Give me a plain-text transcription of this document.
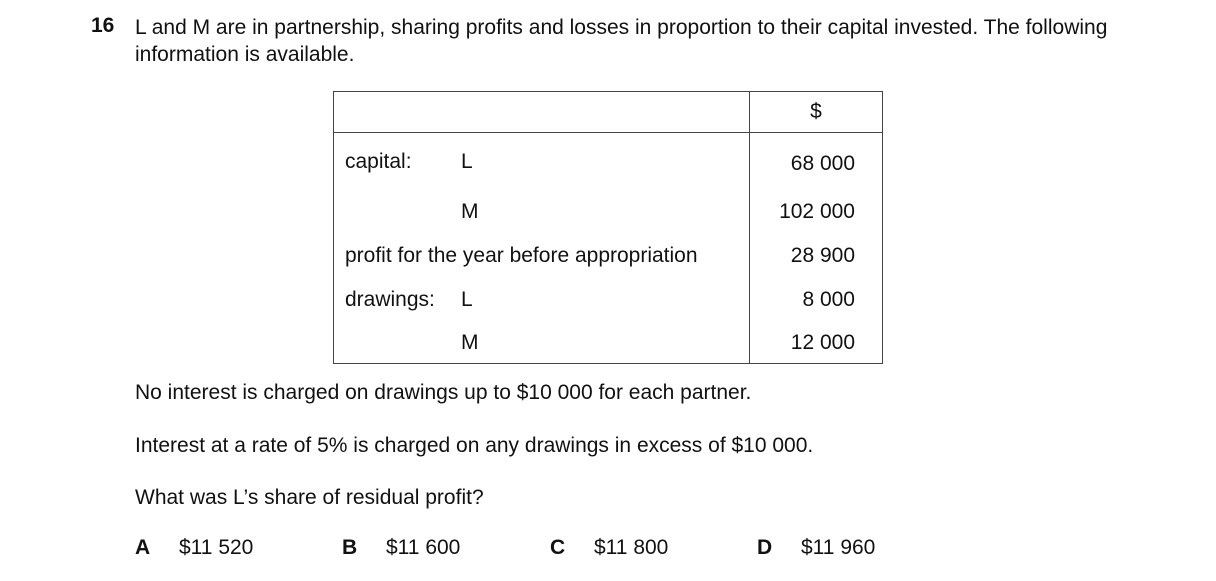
16 L and M are in partnership, sharing profits and losses in proportion to their capital invested. The following information is available.
	$

capital: L	68 000

M	102 000

profit for the year before appropriation	28 900

drawings: L	8 000

M	12 000
No interest is charged on drawings up to $10 000 for each partner.
Interest at a rate of 5% is charged on any drawings in excess of $10 000.
What was L’s share of residual profit?
A $11 520	B $11 600	C $11 800	D $11 960
